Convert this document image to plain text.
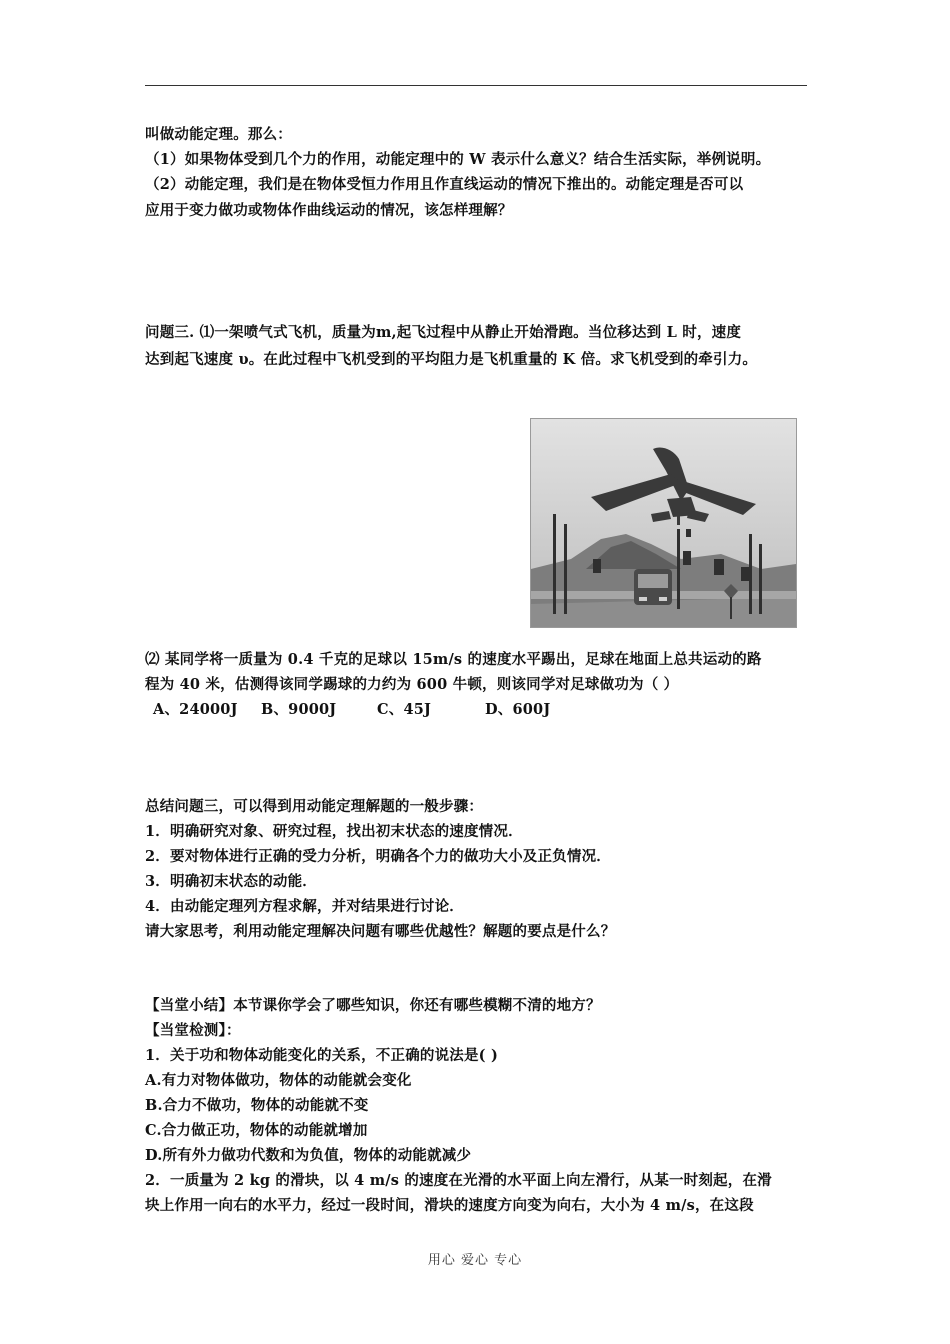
叫做动能定理。那么：
（1）如果物体受到几个力的作用，动能定理中的 W 表示什么意义？结合生活实际，举例说明。
（2）动能定理，我们是在物体受恒力作用且作直线运动的情况下推出的。动能定理是否可以
应用于变力做功或物体作曲线运动的情况，该怎样理解？
问题三. ⑴一架喷气式飞机，质量为m,起飞过程中从静止开始滑跑。当位移达到 L 时，速度
达到起飞速度 υ。在此过程中飞机受到的平均阻力是飞机重量的 K 倍。求飞机受到的牵引力。
⑵ 某同学将一质量为 0.4 千克的足球以 15m/s 的速度水平踢出，足球在地面上总共运动的路
程为 40 米，估测得该同学踢球的力约为 600 牛顿，则该同学对足球做功为（ ）
A、24000J B、9000J	C、45J	D、600J
总结问题三，可以得到用动能定理解题的一般步骤：
1．明确研究对象、研究过程，找出初末状态的速度情况．
2．要对物体进行正确的受力分析，明确各个力的做功大小及正负情况．
3．明确初末状态的动能．
4．由动能定理列方程求解，并对结果进行讨论．
请大家思考，利用动能定理解决问题有哪些优越性？解题的要点是什么？
【当堂小结】本节课你学会了哪些知识，你还有哪些模糊不清的地方？
【当堂检测】：
1．关于功和物体动能变化的关系，不正确的说法是( )
A.有力对物体做功，物体的动能就会变化
B.合力不做功，物体的动能就不变
C.合力做正功，物体的动能就增加
D.所有外力做功代数和为负值，物体的动能就减少
2．一质量为 2 kg 的滑块，以 4 m/s 的速度在光滑的水平面上向左滑行，从某一时刻起，在滑
块上作用一向右的水平力，经过一段时间，滑块的速度方向变为向右，大小为 4 m/s，在这段
用心 爱心 专心
